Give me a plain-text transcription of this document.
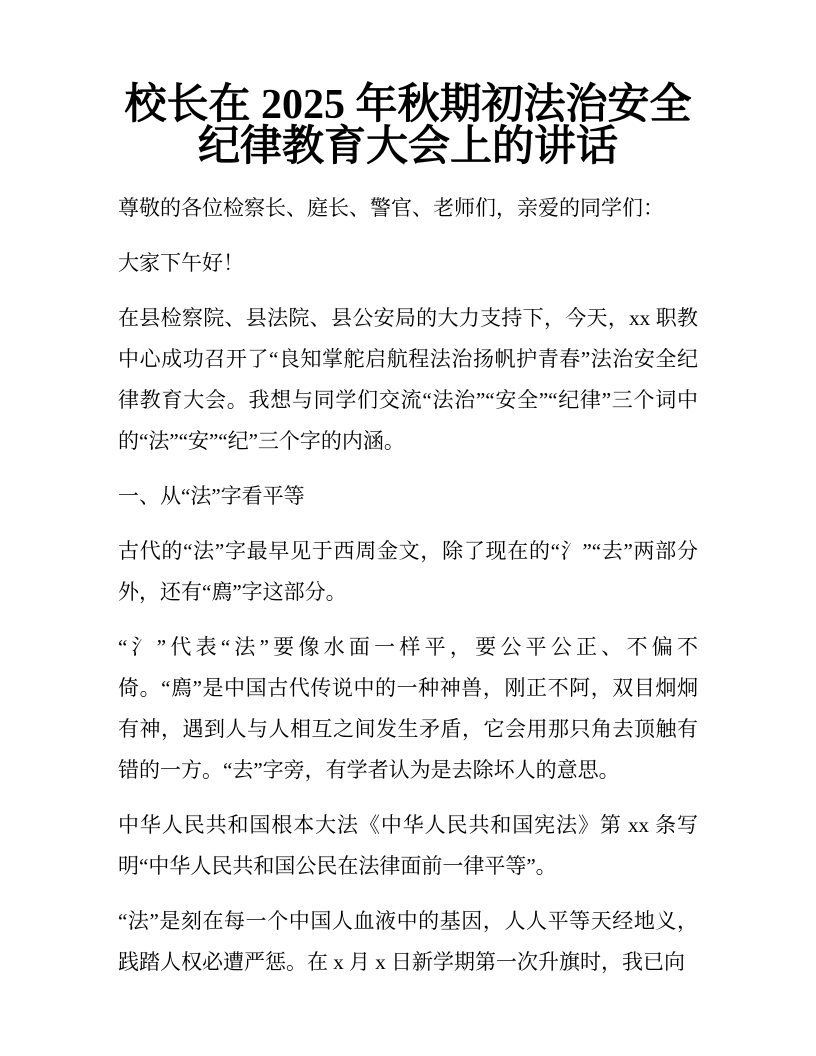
校长在 2025 年秋期初法治安全纪律教育大会上的讲话

尊敬的各位检察长、庭长、警官、老师们，亲爱的同学们：

大家下午好！

在县检察院、县法院、县公安局的大力支持下，今天，xx 职教中心成功召开了“良知掌舵启航程法治扬帆护青春”法治安全纪律教育大会。我想与同学们交流“法治”“安全”“纪律”三个词中的“法”“安”“纪”三个字的内涵。

一、从“法”字看平等

古代的“法”字最早见于西周金文，除了现在的“氵”“去”两部分外，还有“廌”字这部分。

“氵”代表“法”要像水面一样平，要公平公正、不偏不倚。“廌”是中国古代传说中的一种神兽，刚正不阿，双目炯炯有神，遇到人与人相互之间发生矛盾，它会用那只角去顶触有错的一方。“去”字旁，有学者认为是去除坏人的意思。

中华人民共和国根本大法《中华人民共和国宪法》第 xx 条写明“中华人民共和国公民在法律面前一律平等”。

“法”是刻在每一个中国人血液中的基因，人人平等天经地义，践踏人权必遭严惩。在 x 月 x 日新学期第一次升旗时，我已向
